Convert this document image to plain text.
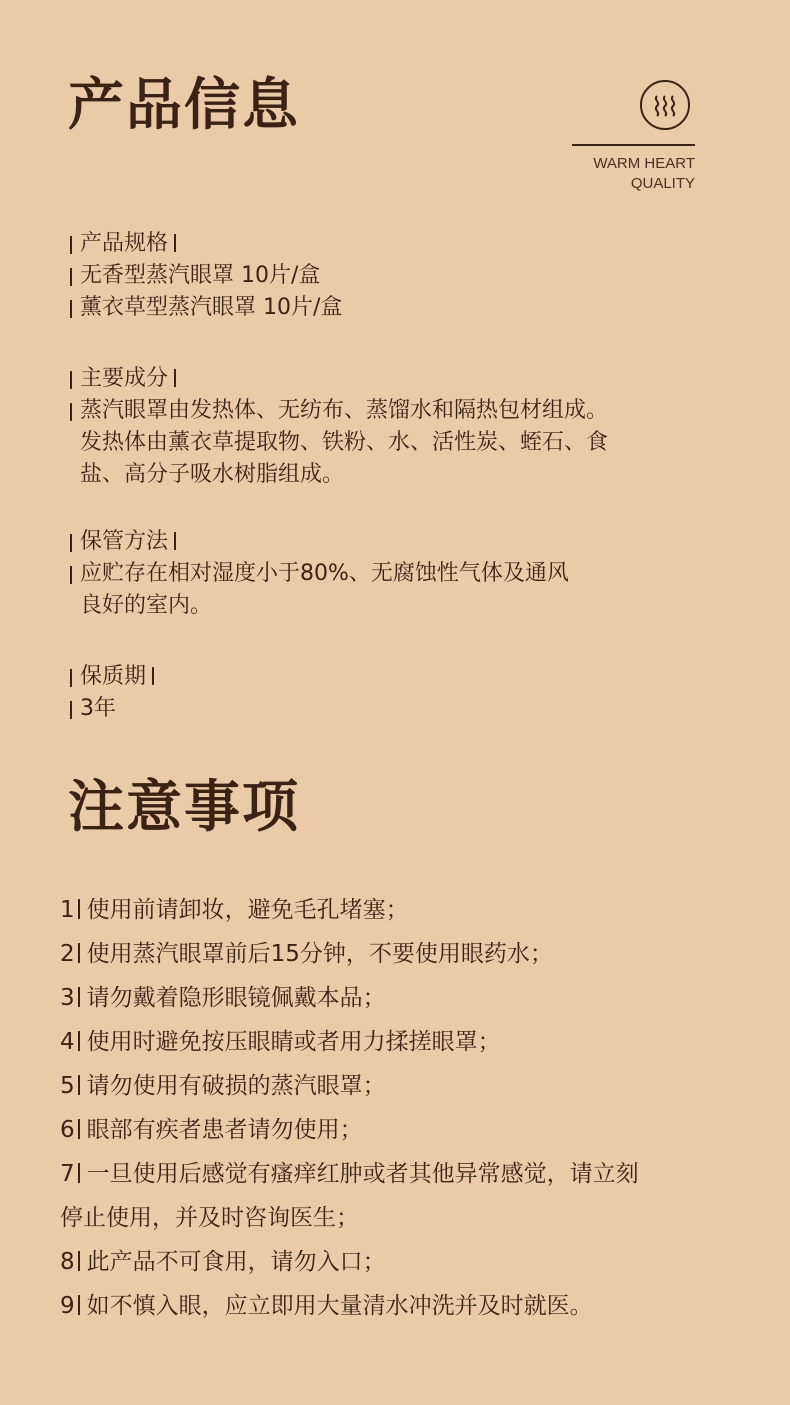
产品信息
WARM HEART
QUALITY
产品规格
无香型蒸汽眼罩 10片/盒
薰衣草型蒸汽眼罩 10片/盒
主要成分
蒸汽眼罩由发热体、无纺布、蒸馏水和隔热包材组成。
发热体由薰衣草提取物、铁粉、水、活性炭、蛭石、食
盐、高分子吸水树脂组成。
保管方法
应贮存在相对湿度小于80%、无腐蚀性气体及通风
良好的室内。
保质期
3年
注意事项
1 使用前请卸妆，避免毛孔堵塞；
2 使用蒸汽眼罩前后15分钟，不要使用眼药水；
3 请勿戴着隐形眼镜佩戴本品；
4 使用时避免按压眼睛或者用力揉搓眼罩；
5 请勿使用有破损的蒸汽眼罩；
6 眼部有疾者患者请勿使用；
7 一旦使用后感觉有瘙痒红肿或者其他异常感觉，请立刻
停止使用，并及时咨询医生；
8 此产品不可食用，请勿入口；
9 如不慎入眼，应立即用大量清水冲洗并及时就医。
